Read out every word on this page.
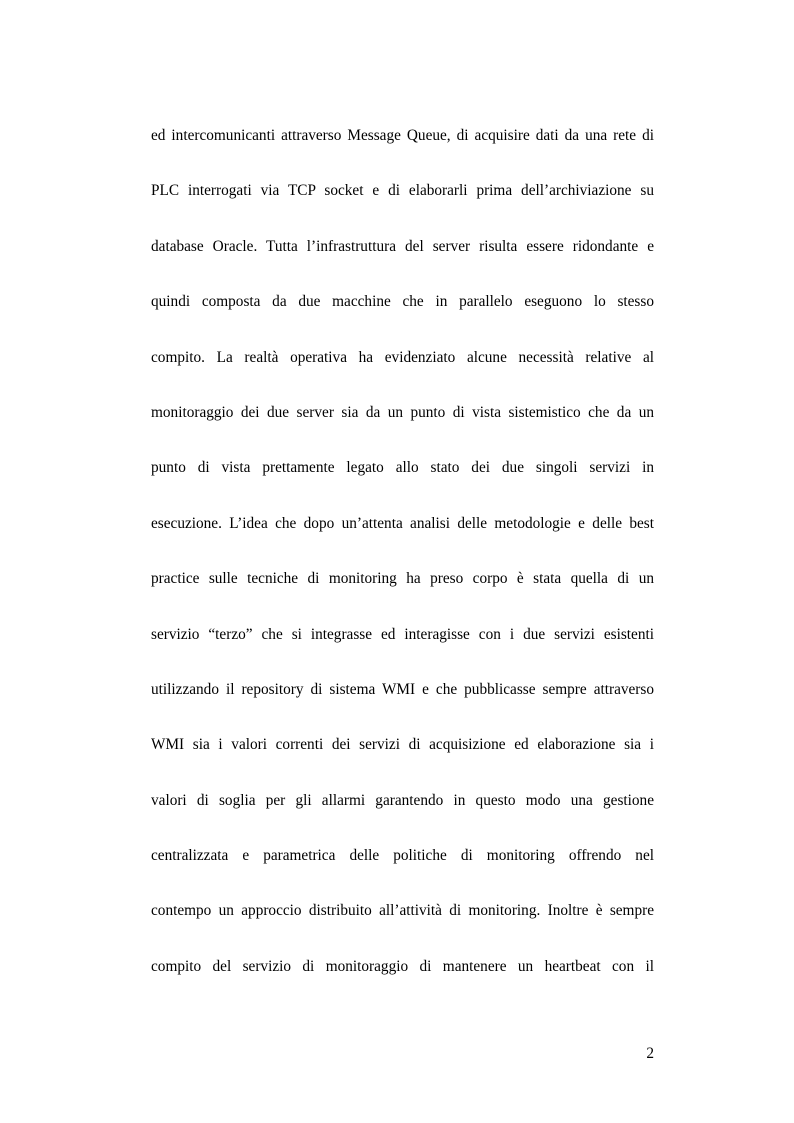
ed intercomunicanti attraverso Message Queue, di acquisire dati da una rete di
PLC interrogati via TCP socket e di elaborarli prima dell’archiviazione su
database Oracle. Tutta l’infrastruttura del server risulta essere ridondante e
quindi composta da due macchine che in parallelo eseguono lo stesso
compito. La realtà operativa ha evidenziato alcune necessità relative al
monitoraggio dei due server sia da un punto di vista sistemistico che da un
punto di vista prettamente legato allo stato dei due singoli servizi in
esecuzione. L’idea che dopo un’attenta analisi delle metodologie e delle best
practice sulle tecniche di monitoring ha preso corpo è stata quella di un
servizio “terzo” che si integrasse ed interagisse con i due servizi esistenti
utilizzando il repository di sistema WMI e che pubblicasse sempre attraverso
WMI sia i valori correnti dei servizi di acquisizione ed elaborazione sia i
valori di soglia per gli allarmi garantendo in questo modo una gestione
centralizzata e parametrica delle politiche di monitoring offrendo nel
contempo un approccio distribuito all’attività di monitoring. Inoltre è sempre
compito del servizio di monitoraggio di mantenere un heartbeat con il
2
